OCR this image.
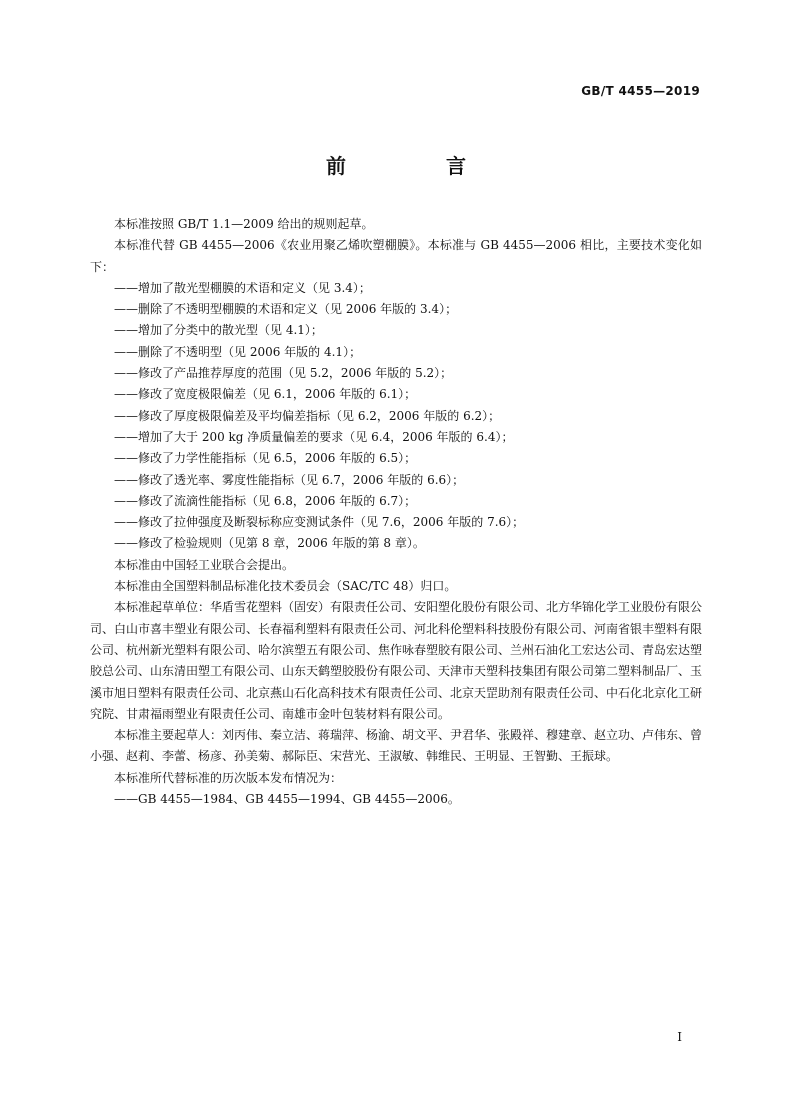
GB/T 4455—2019
前　言

本标准按照 GB/T 1.1—2009 给出的规则起草。

本标准代替 GB 4455—2006《农业用聚乙烯吹塑棚膜》。本标准与 GB 4455—2006 相比，主要技术变化如下：

——增加了散光型棚膜的术语和定义（见 3.4）；

——删除了不透明型棚膜的术语和定义（见 2006 年版的 3.4）；

——增加了分类中的散光型（见 4.1）；

——删除了不透明型（见 2006 年版的 4.1）；

——修改了产品推荐厚度的范围（见 5.2，2006 年版的 5.2）；

——修改了宽度极限偏差（见 6.1，2006 年版的 6.1）；

——修改了厚度极限偏差及平均偏差指标（见 6.2，2006 年版的 6.2）；

——增加了大于 200 kg 净质量偏差的要求（见 6.4，2006 年版的 6.4）；

——修改了力学性能指标（见 6.5，2006 年版的 6.5）；

——修改了透光率、雾度性能指标（见 6.7，2006 年版的 6.6）；

——修改了流滴性能指标（见 6.8，2006 年版的 6.7）；

——修改了拉伸强度及断裂标称应变测试条件（见 7.6，2006 年版的 7.6）；

——修改了检验规则（见第 8 章，2006 年版的第 8 章）。

本标准由中国轻工业联合会提出。

本标准由全国塑料制品标准化技术委员会（SAC/TC 48）归口。

本标准起草单位：华盾雪花塑料（固安）有限责任公司、安阳塑化股份有限公司、北方华锦化学工业股份有限公司、白山市喜丰塑业有限公司、长春福利塑料有限责任公司、河北科伦塑料科技股份有限公司、河南省银丰塑料有限公司、杭州新光塑料有限公司、哈尔滨塑五有限公司、焦作咏春塑胶有限公司、兰州石油化工宏达公司、青岛宏达塑胶总公司、山东清田塑工有限公司、山东天鹤塑胶股份有限公司、天津市天塑科技集团有限公司第二塑料制品厂、玉溪市旭日塑料有限责任公司、北京燕山石化高科技术有限责任公司、北京天罡助剂有限责任公司、中石化北京化工研究院、甘肃福雨塑业有限责任公司、南雄市金叶包装材料有限公司。

本标准主要起草人：刘丙伟、秦立洁、蒋瑞萍、杨渝、胡文平、尹君华、张殿祥、穆建章、赵立功、卢伟东、曾小强、赵莉、李蕾、杨彦、孙美菊、郝际臣、宋营光、王淑敏、韩维民、王明显、王智勤、王振球。

本标准所代替标准的历次版本发布情况为：

——GB 4455—1984、GB 4455—1994、GB 4455—2006。

I
